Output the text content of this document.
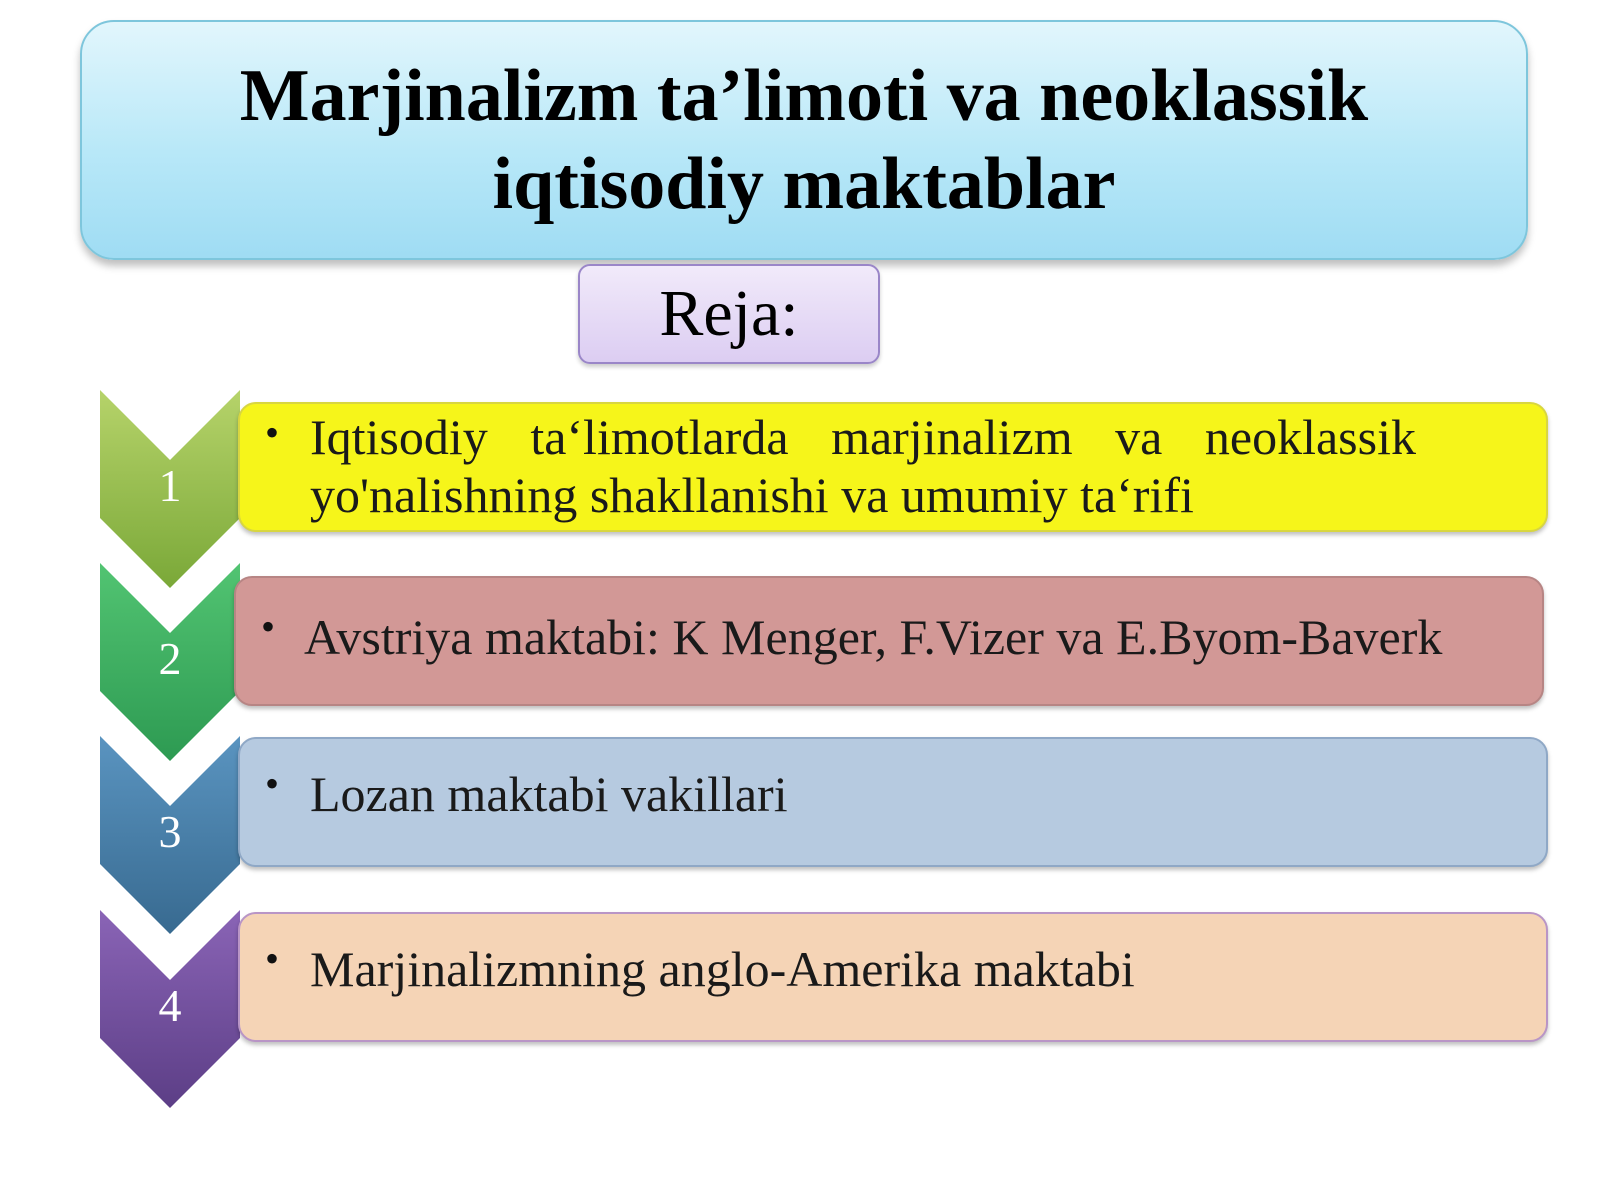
Marjinalizm ta’limoti va neoklassik
iqtisodiy maktablar
Reja:
1
• Iqtisodiy ta‘limotlarda marjinalizm va neoklassik
yo'nalishning shakllanishi va umumiy ta‘rifi

2
• Avstriya maktabi: K Menger, F.Vizer va E.Byom-Baverk

3
• Lozan maktabi vakillari

4
• Marjinalizmning anglo-Amerika maktabi
